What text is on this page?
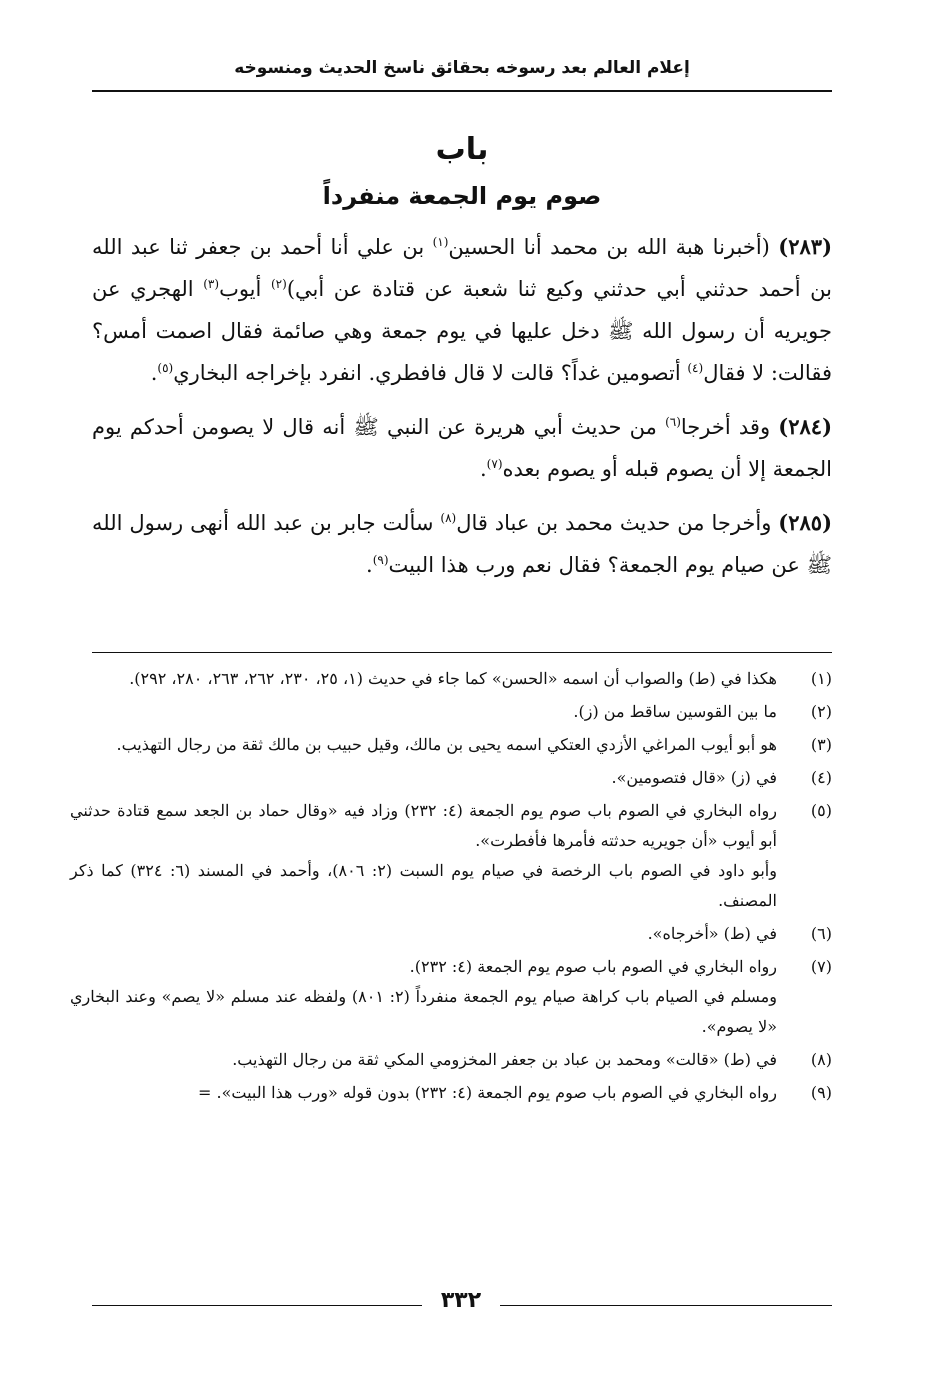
إعلام العالم بعد رسوخه بحقائق ناسخ الحديث ومنسوخه
باب
صوم يوم الجمعة منفرداً

(٢٨٣) (أخبرنا هبة الله بن محمد أنا الحسين$^{(١)}$ بن علي أنا أحمد بن جعفر ثنا عبد الله بن أحمد حدثني أبي حدثني وكيع ثنا شعبة عن قتادة عن أبي)$^{(٢)}$ أيوب$^{(٣)}$ الهجري عن جويريه أن رسول الله ﷺ دخل عليها في يوم جمعة وهي صائمة فقال اصمت أمس؟ فقالت: لا فقال$^{(٤)}$ أتصومين غداً؟ قالت لا قال فافطري. انفرد بإخراجه البخاري$^{(٥)}$.

(٢٨٤) وقد أخرجا$^{(٦)}$ من حديث أبي هريرة عن النبي ﷺ أنه قال لا يصومن أحدكم يوم الجمعة إلا أن يصوم قبله أو يصوم بعده$^{(٧)}$.

(٢٨٥) وأخرجا من حديث محمد بن عباد قال$^{(٨)}$ سألت جابر بن عبد الله أنهى رسول الله ﷺ عن صيام يوم الجمعة؟ فقال نعم ورب هذا البيت$^{(٩)}$.

(١)
هكذا في (ط) والصواب أن اسمه «الحسن» كما جاء في حديث (١، ٢٥، ٢٣٠، ٢٦٢، ٢٦٣، ٢٨٠، ٢٩٢).
(٢)
ما بين القوسين ساقط من (ز).
(٣)
هو أبو أيوب المراغي الأزدي العتكي اسمه يحيى بن مالك، وقيل حبيب بن مالك ثقة من رجال التهذيب.
(٤)
في (ز) «قال فتصومين».
(٥)
رواه البخاري في الصوم باب صوم يوم الجمعة (٤: ٢٣٢) وزاد فيه «وقال حماد بن الجعد سمع قتادة حدثني أبو أيوب «أن جويريه حدثته فأمرها فأفطرت».
وأبو داود في الصوم باب الرخصة في صيام يوم السبت (٢: ٨٠٦)، وأحمد في المسند (٦: ٣٢٤) كما ذكر المصنف.
(٦)
في (ط) «أخرجاه».
(٧)
رواه البخاري في الصوم باب صوم يوم الجمعة (٤: ٢٣٢).
ومسلم في الصيام باب كراهة صيام يوم الجمعة منفرداً (٢: ٨٠١) ولفظه عند مسلم «لا يصم» وعند البخاري «لا يصوم».
(٨)
في (ط) «قالت» ومحمد بن عباد بن جعفر المخزومي المكي ثقة من رجال التهذيب.
(٩)
رواه البخاري في الصوم باب صوم يوم الجمعة (٤: ٢٣٢) بدون قوله «ورب هذا البيت». =
٣٣٢
